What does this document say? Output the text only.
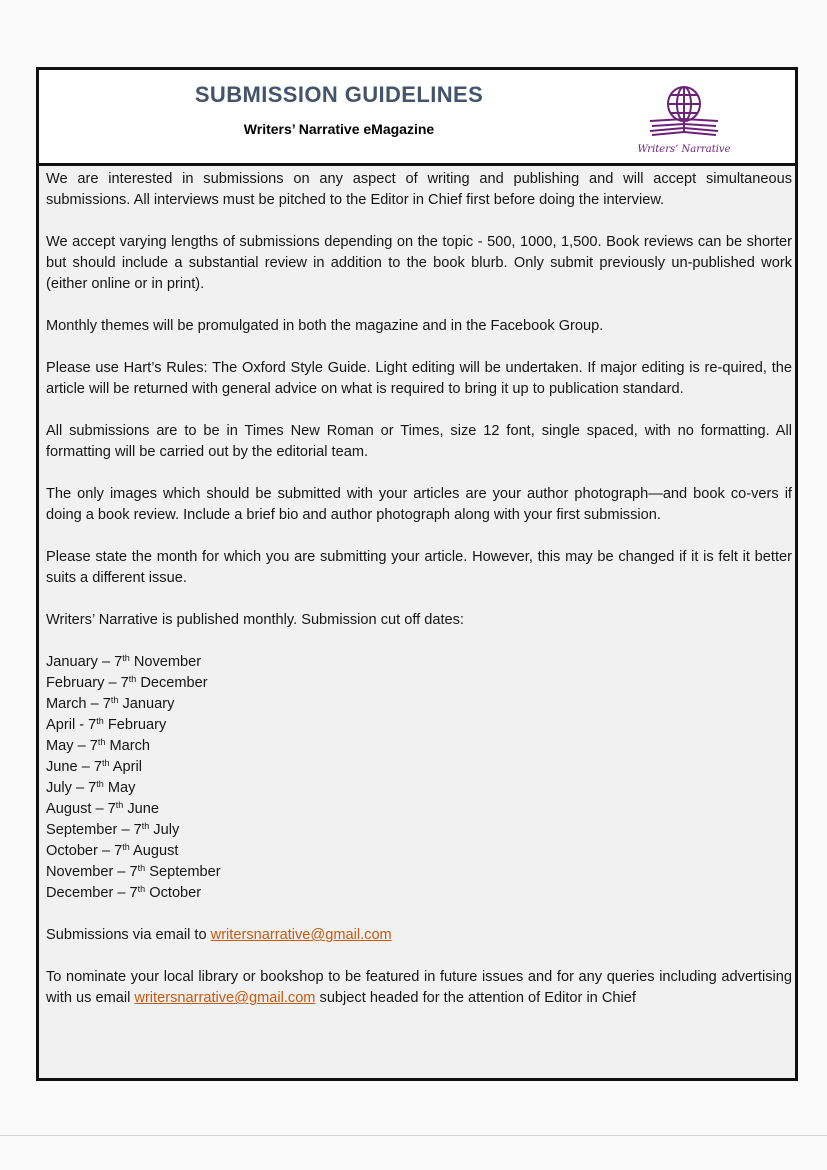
SUBMISSION GUIDELINES
Writers’ Narrative eMagazine
Writers’ Narrative

We are interested in submissions on any aspect of writing and publishing and will accept simultaneous submissions. All interviews must be pitched to the Editor in Chief first before doing the interview.

We accept varying lengths of submissions depending on the topic - 500, 1000, 1,500. Book reviews can be shorter but should include a substantial review in addition to the book blurb. Only submit previously un-published work (either online or in print).

Monthly themes will be promulgated in both the magazine and in the Facebook Group.

Please use Hart’s Rules: The Oxford Style Guide. Light editing will be undertaken. If major editing is re-quired, the article will be returned with general advice on what is required to bring it up to publication standard.

All submissions are to be in Times New Roman or Times, size 12 font, single spaced, with no formatting. All formatting will be carried out by the editorial team.

The only images which should be submitted with your articles are your author photograph—and book co-vers if doing a book review. Include a brief bio and author photograph along with your first submission.

Please state the month for which you are submitting your article. However, this may be changed if it is felt it better suits a different issue.

Writers’ Narrative is published monthly. Submission cut off dates:

January – 7th November
February – 7th December
March – 7th January
April - 7th February
May – 7th March
June – 7th April
July – 7th May
August – 7th June
September – 7th July
October – 7th August
November – 7th September
December – 7th October

Submissions via email to writersnarrative@gmail.com

To nominate your local library or bookshop to be featured in future issues and for any queries including advertising with us email writersnarrative@gmail.com subject headed for the attention of Editor in Chief
